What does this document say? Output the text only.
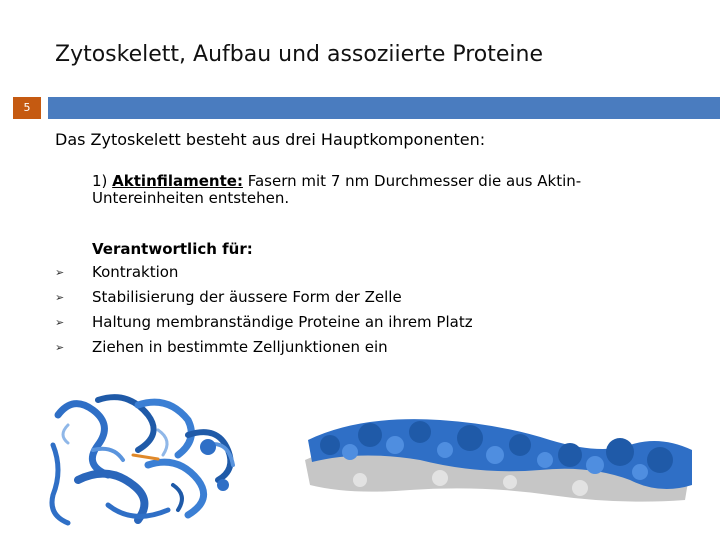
Zytoskelett, Aufbau und assoziierte Proteine
5
Das Zytoskelett besteht aus drei Hauptkomponenten:
1) Aktinfilamente: Fasern mit 7 nm Durchmesser die aus Aktin-Untereinheiten entstehen.
Verantwortlich für:
➢ Kontraktion
➢ Stabilisierung der äussere Form der Zelle
➢ Haltung membranständige Proteine an ihrem Platz
➢ Ziehen in bestimmte Zelljunktionen ein
